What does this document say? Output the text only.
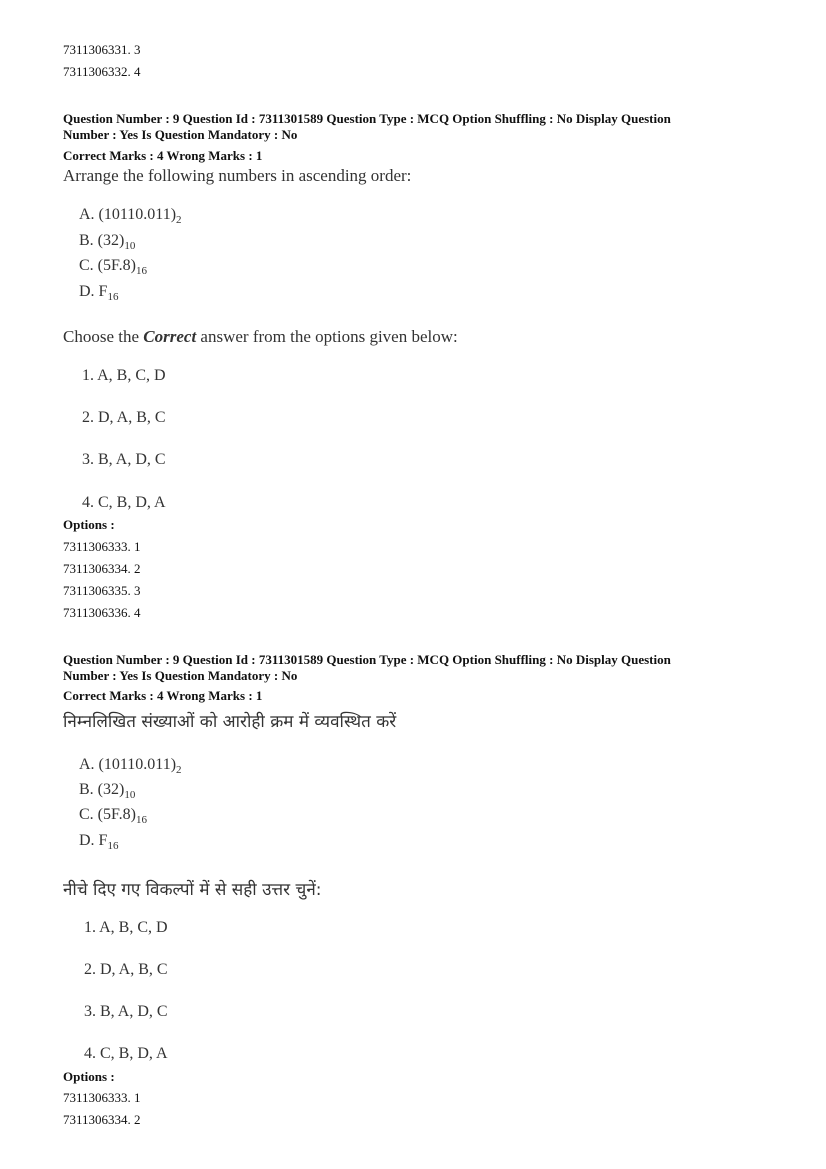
7311306331. 3
7311306332. 4
Question Number : 9 Question Id : 7311301589 Question Type : MCQ Option Shuffling : No Display Question
Number : Yes Is Question Mandatory : No
Correct Marks : 4 Wrong Marks : 1
Arrange the following numbers in ascending order:
A. $(10110.011)_2$
B. $(32)_{10}$
C. $(5F.8)_{16}$
D. $F_{16}$
Choose the Correct answer from the options given below:
1. A, B, C, D
2. D, A, B, C
3. B, A, D, C
4. C, B, D, A
Options :
7311306333. 1
7311306334. 2
7311306335. 3
7311306336. 4
Question Number : 9 Question Id : 7311301589 Question Type : MCQ Option Shuffling : No Display Question
Number : Yes Is Question Mandatory : No
Correct Marks : 4 Wrong Marks : 1
निम्नलिखित संख्याओं को आरोही क्रम में व्यवस्थित करें
A. $(10110.011)_2$
B. $(32)_{10}$
C. $(5F.8)_{16}$
D. $F_{16}$
नीचे दिए गए विकल्पों में से सही उत्तर चुनें:
1. A, B, C, D
2. D, A, B, C
3. B, A, D, C
4. C, B, D, A
Options :
7311306333. 1
7311306334. 2
